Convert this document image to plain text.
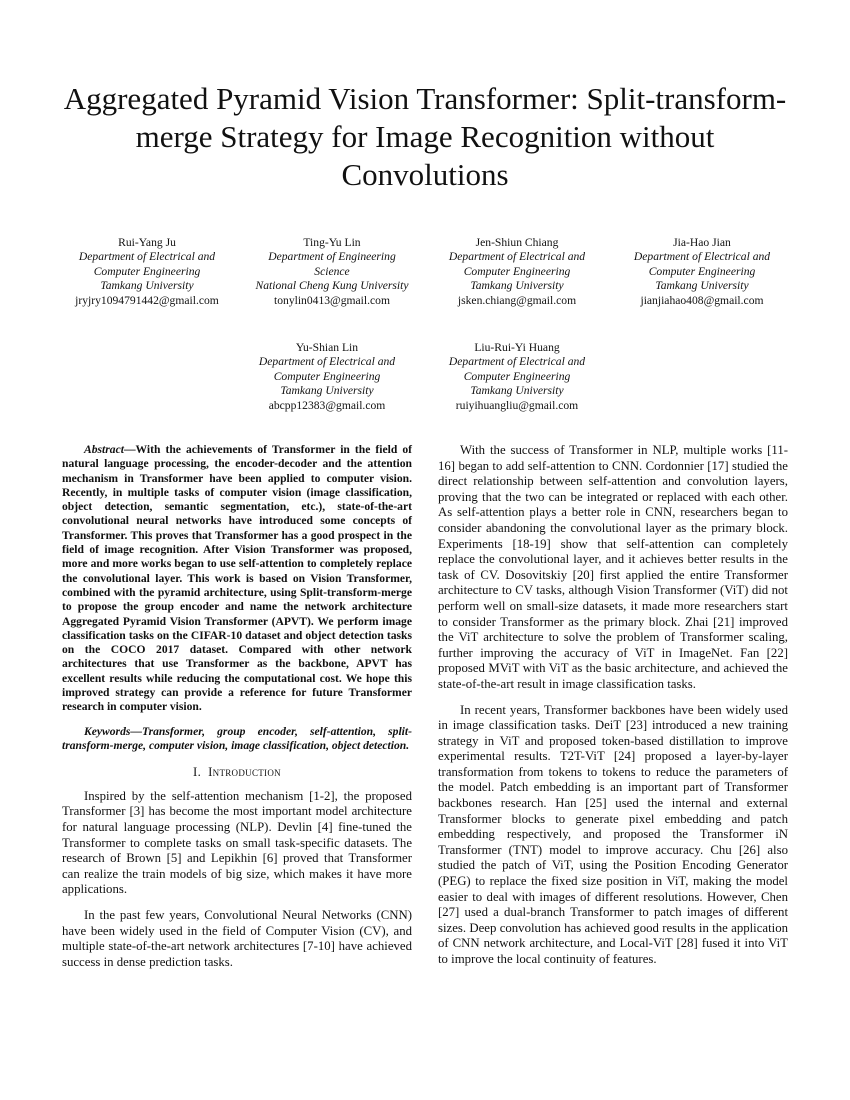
Aggregated Pyramid Vision Transformer: Split-transform-merge Strategy for Image Recognition without Convolutions
Rui-Yang Ju
Department of Electrical and
Computer Engineering
Tamkang University
jryjry1094791442@gmail.com
Ting-Yu Lin
Department of Engineering
Science
National Cheng Kung University
tonylin0413@gmail.com
Jen-Shiun Chiang
Department of Electrical and
Computer Engineering
Tamkang University
jsken.chiang@gmail.com
Jia-Hao Jian
Department of Electrical and
Computer Engineering
Tamkang University
jianjiahao408@gmail.com
Yu-Shian Lin
Department of Electrical and
Computer Engineering
Tamkang University
abcpp12383@gmail.com
Liu-Rui-Yi Huang
Department of Electrical and
Computer Engineering
Tamkang University
ruiyihuangliu@gmail.com

Abstract—With the achievements of Transformer in the field of natural language processing, the encoder-decoder and the attention mechanism in Transformer have been applied to computer vision. Recently, in multiple tasks of computer vision (image classification, object detection, semantic segmentation, etc.), state-of-the-art convolutional neural networks have introduced some concepts of Transformer. This proves that Transformer has a good prospect in the field of image recognition. After Vision Transformer was proposed, more and more works began to use self-attention to completely replace the convolutional layer. This work is based on Vision Transformer, combined with the pyramid architecture, using Split-transform-merge to propose the group encoder and name the network architecture Aggregated Pyramid Vision Transformer (APVT). We perform image classification tasks on the CIFAR-10 dataset and object detection tasks on the COCO 2017 dataset. Compared with other network architectures that use Transformer as the backbone, APVT has excellent results while reducing the computational cost. We hope this improved strategy can provide a reference for future Transformer research in computer vision.

Keywords—Transformer, group encoder, self-attention, split-transform-merge, computer vision, image classification, object detection.

I. Introduction

Inspired by the self-attention mechanism [1-2], the proposed Transformer [3] has become the most important model architecture for natural language processing (NLP). Devlin [4] fine-tuned the Transformer to complete tasks on small task-specific datasets. The research of Brown [5] and Lepikhin [6] proved that Transformer can realize the train models of big size, which makes it have more applications.

In the past few years, Convolutional Neural Networks (CNN) have been widely used in the field of Computer Vision (CV), and multiple state-of-the-art network architectures [7-10] have achieved success in dense prediction tasks.

With the success of Transformer in NLP, multiple works [11-16] began to add self-attention to CNN. Cordonnier [17] studied the direct relationship between self-attention and convolution layers, proving that the two can be integrated or replaced with each other. As self-attention plays a better role in CNN, researchers began to consider abandoning the convolutional layer as the primary block. Experiments [18-19] show that self-attention can completely replace the convolutional layer, and it achieves better results in the task of CV. Dosovitskiy [20] first applied the entire Transformer architecture to CV tasks, although Vision Transformer (ViT) did not perform well on small-size datasets, it made more researchers start to consider Transformer as the primary block. Zhai [21] improved the ViT architecture to solve the problem of Transformer scaling, further improving the accuracy of ViT in ImageNet. Fan [22] proposed MViT with ViT as the basic architecture, and achieved the state-of-the-art result in image classification tasks.

In recent years, Transformer backbones have been widely used in image classification tasks. DeiT [23] introduced a new training strategy in ViT and proposed token-based distillation to improve experimental results. T2T-ViT [24] proposed a layer-by-layer transformation from tokens to tokens to reduce the parameters of the model. Patch embedding is an important part of Transformer backbones research. Han [25] used the internal and external Transformer blocks to generate pixel embedding and patch embedding respectively, and proposed the Transformer iN Transformer (TNT) model to improve accuracy. Chu [26] also studied the patch of ViT, using the Position Encoding Generator (PEG) to replace the fixed size position in ViT, making the model easier to deal with images of different resolutions. However, Chen [27] used a dual-branch Transformer to patch images of different sizes. Deep convolution has achieved good results in the application of CNN network architecture, and Local-ViT [28] fused it into ViT to improve the local continuity of features.
